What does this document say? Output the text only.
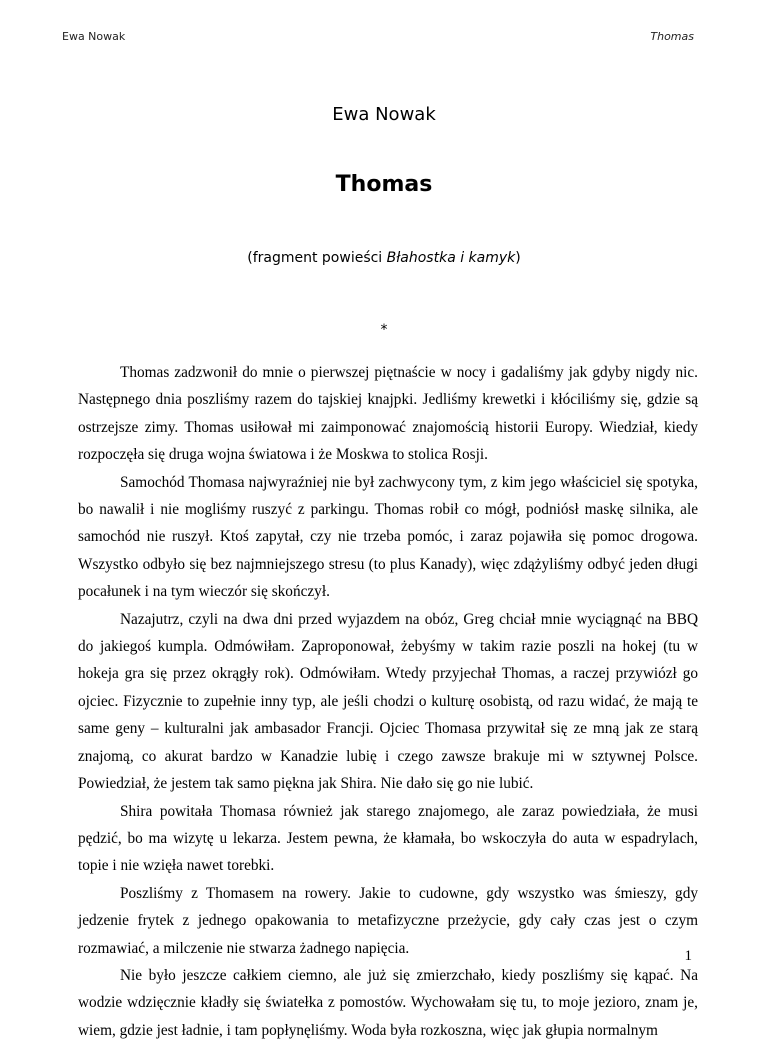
Ewa Nowak	Thomas
Ewa Nowak
Thomas
(fragment powieści Błahostka i kamyk)
*

Thomas zadzwonił do mnie o pierwszej piętnaście w nocy i gadaliśmy jak gdyby nigdy nic. Następnego dnia poszliśmy razem do tajskiej knajpki. Jedliśmy krewetki i kłóciliśmy się, gdzie są ostrzejsze zimy. Thomas usiłował mi zaimponować znajomością historii Europy. Wiedział, kiedy rozpoczęła się druga wojna światowa i że Moskwa to stolica Rosji.

Samochód Thomasa najwyraźniej nie był zachwycony tym, z kim jego właściciel się spotyka, bo nawalił i nie mogliśmy ruszyć z parkingu. Thomas robił co mógł, podniósł maskę silnika, ale samochód nie ruszył. Ktoś zapytał, czy nie trzeba pomóc, i zaraz pojawiła się pomoc drogowa. Wszystko odbyło się bez najmniejszego stresu (to plus Kanady), więc zdążyliśmy odbyć jeden długi pocałunek i na tym wieczór się skończył.

Nazajutrz, czyli na dwa dni przed wyjazdem na obóz, Greg chciał mnie wyciągnąć na BBQ do jakiegoś kumpla. Odmówiłam. Zaproponował, żebyśmy w takim razie poszli na hokej (tu w hokeja gra się przez okrągły rok). Odmówiłam. Wtedy przyjechał Thomas, a raczej przywiózł go ojciec. Fizycznie to zupełnie inny typ, ale jeśli chodzi o kulturę osobistą, od razu widać, że mają te same geny – kulturalni jak ambasador Francji. Ojciec Thomasa przywitał się ze mną jak ze starą znajomą, co akurat bardzo w Kanadzie lubię i czego zawsze brakuje mi w sztywnej Polsce. Powiedział, że jestem tak samo piękna jak Shira. Nie dało się go nie lubić.

Shira powitała Thomasa również jak starego znajomego, ale zaraz powiedziała, że musi pędzić, bo ma wizytę u lekarza. Jestem pewna, że kłamała, bo wskoczyła do auta w espadrylach, topie i nie wzięła nawet torebki.

Poszliśmy z Thomasem na rowery. Jakie to cudowne, gdy wszystko was śmieszy, gdy jedzenie frytek z jednego opakowania to metafizyczne przeżycie, gdy cały czas jest o czym rozmawiać, a milczenie nie stwarza żadnego napięcia.

Nie było jeszcze całkiem ciemno, ale już się zmierzchało, kiedy poszliśmy się kąpać. Na wodzie wdzięcznie kładły się światełka z pomostów. Wychowałam się tu, to moje jezioro, znam je, wiem, gdzie jest ładnie, i tam popłynęliśmy. Woda była rozkoszna, więc jak głupia normalnym

1
